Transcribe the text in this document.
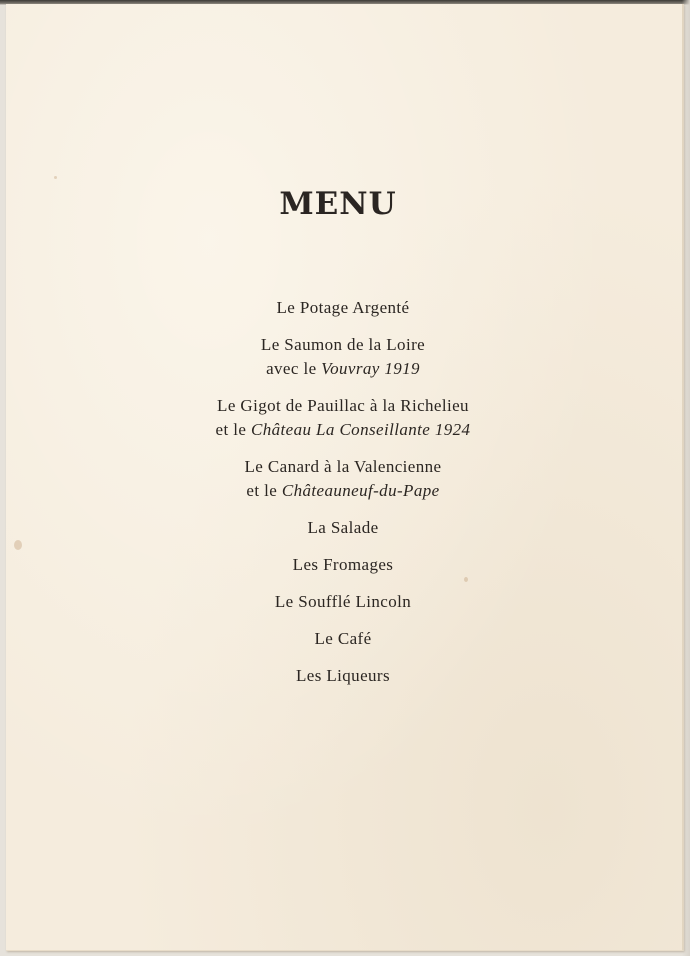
MENU
Le Potage Argenté
Le Saumon de la Loire
avec le Vouvray 1919
Le Gigot de Pauillac à la Richelieu
et le Château La Conseillante 1924
Le Canard à la Valencienne
et le Châteauneuf-du-Pape
La Salade
Les Fromages
Le Soufflé Lincoln
Le Café
Les Liqueurs
